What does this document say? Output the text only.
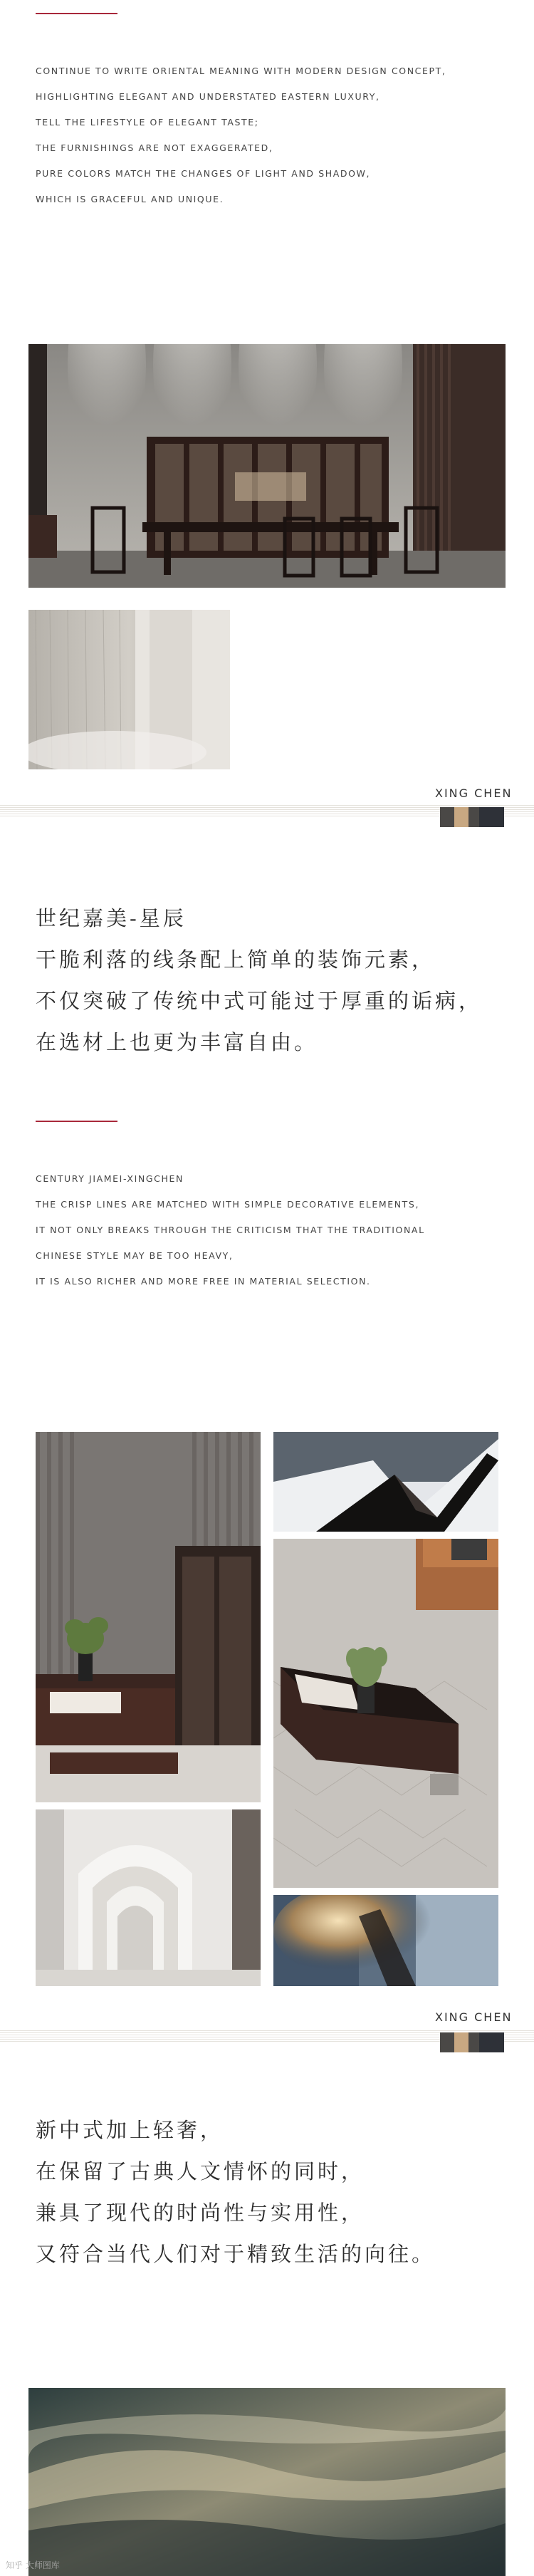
CONTINUE TO WRITE ORIENTAL MEANING WITH MODERN DESIGN CONCEPT,
HIGHLIGHTING ELEGANT AND UNDERSTATED EASTERN LUXURY,
TELL THE LIFESTYLE OF ELEGANT TASTE;
THE FURNISHINGS ARE NOT EXAGGERATED,
PURE COLORS MATCH THE CHANGES OF LIGHT AND SHADOW,
WHICH IS GRACEFUL AND UNIQUE.
XING CHEN
世纪嘉美-星辰
干脆利落的线条配上简单的装饰元素，
不仅突破了传统中式可能过于厚重的诟病，
在选材上也更为丰富自由。
CENTURY JIAMEI-XINGCHEN
THE CRISP LINES ARE MATCHED WITH SIMPLE DECORATIVE ELEMENTS,
IT NOT ONLY BREAKS THROUGH THE CRITICISM THAT THE TRADITIONAL
CHINESE STYLE MAY BE TOO HEAVY,
IT IS ALSO RICHER AND MORE FREE IN MATERIAL SELECTION.
XING CHEN
新中式加上轻奢，
在保留了古典人文情怀的同时，
兼具了现代的时尚性与实用性，
又符合当代人们对于精致生活的向往。
知乎 大师图库
